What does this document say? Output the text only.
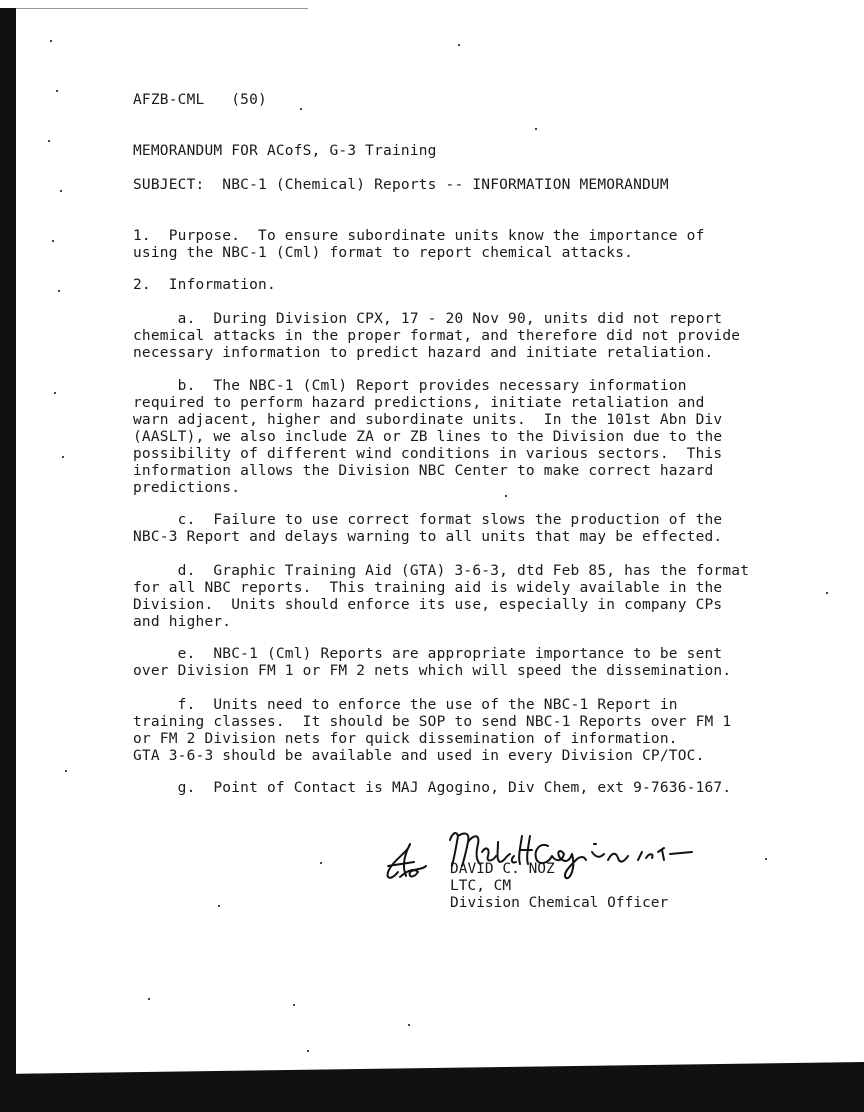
AFZB-CML   (50)
MEMORANDUM FOR ACofS, G-3 Training
SUBJECT:  NBC-1 (Chemical) Reports -- INFORMATION MEMORANDUM
1.  Purpose.  To ensure subordinate units know the importance of
using the NBC-1 (Cml) format to report chemical attacks.
2.  Information.
a.  During Division CPX, 17 - 20 Nov 90, units did not report
chemical attacks in the proper format, and therefore did not provide
necessary information to predict hazard and initiate retaliation.
b.  The NBC-1 (Cml) Report provides necessary information
required to perform hazard predictions, initiate retaliation and
warn adjacent, higher and subordinate units.  In the 101st Abn Div
(AASLT), we also include ZA or ZB lines to the Division due to the
possibility of different wind conditions in various sectors.  This
information allows the Division NBC Center to make correct hazard
predictions.
c.  Failure to use correct format slows the production of the
NBC-3 Report and delays warning to all units that may be effected.
d.  Graphic Training Aid (GTA) 3-6-3, dtd Feb 85, has the format
for all NBC reports.  This training aid is widely available in the
Division.  Units should enforce its use, especially in company CPs
and higher.
e.  NBC-1 (Cml) Reports are appropriate importance to be sent
over Division FM 1 or FM 2 nets which will speed the dissemination.
f.  Units need to enforce the use of the NBC-1 Report in
training classes.  It should be SOP to send NBC-1 Reports over FM 1
or FM 2 Division nets for quick dissemination of information.
GTA 3-6-3 should be available and used in every Division CP/TOC.
g.  Point of Contact is MAJ Agogino, Div Chem, ext 9-7636-167.
DAVID C. NOZ
LTC, CM
Division Chemical Officer
